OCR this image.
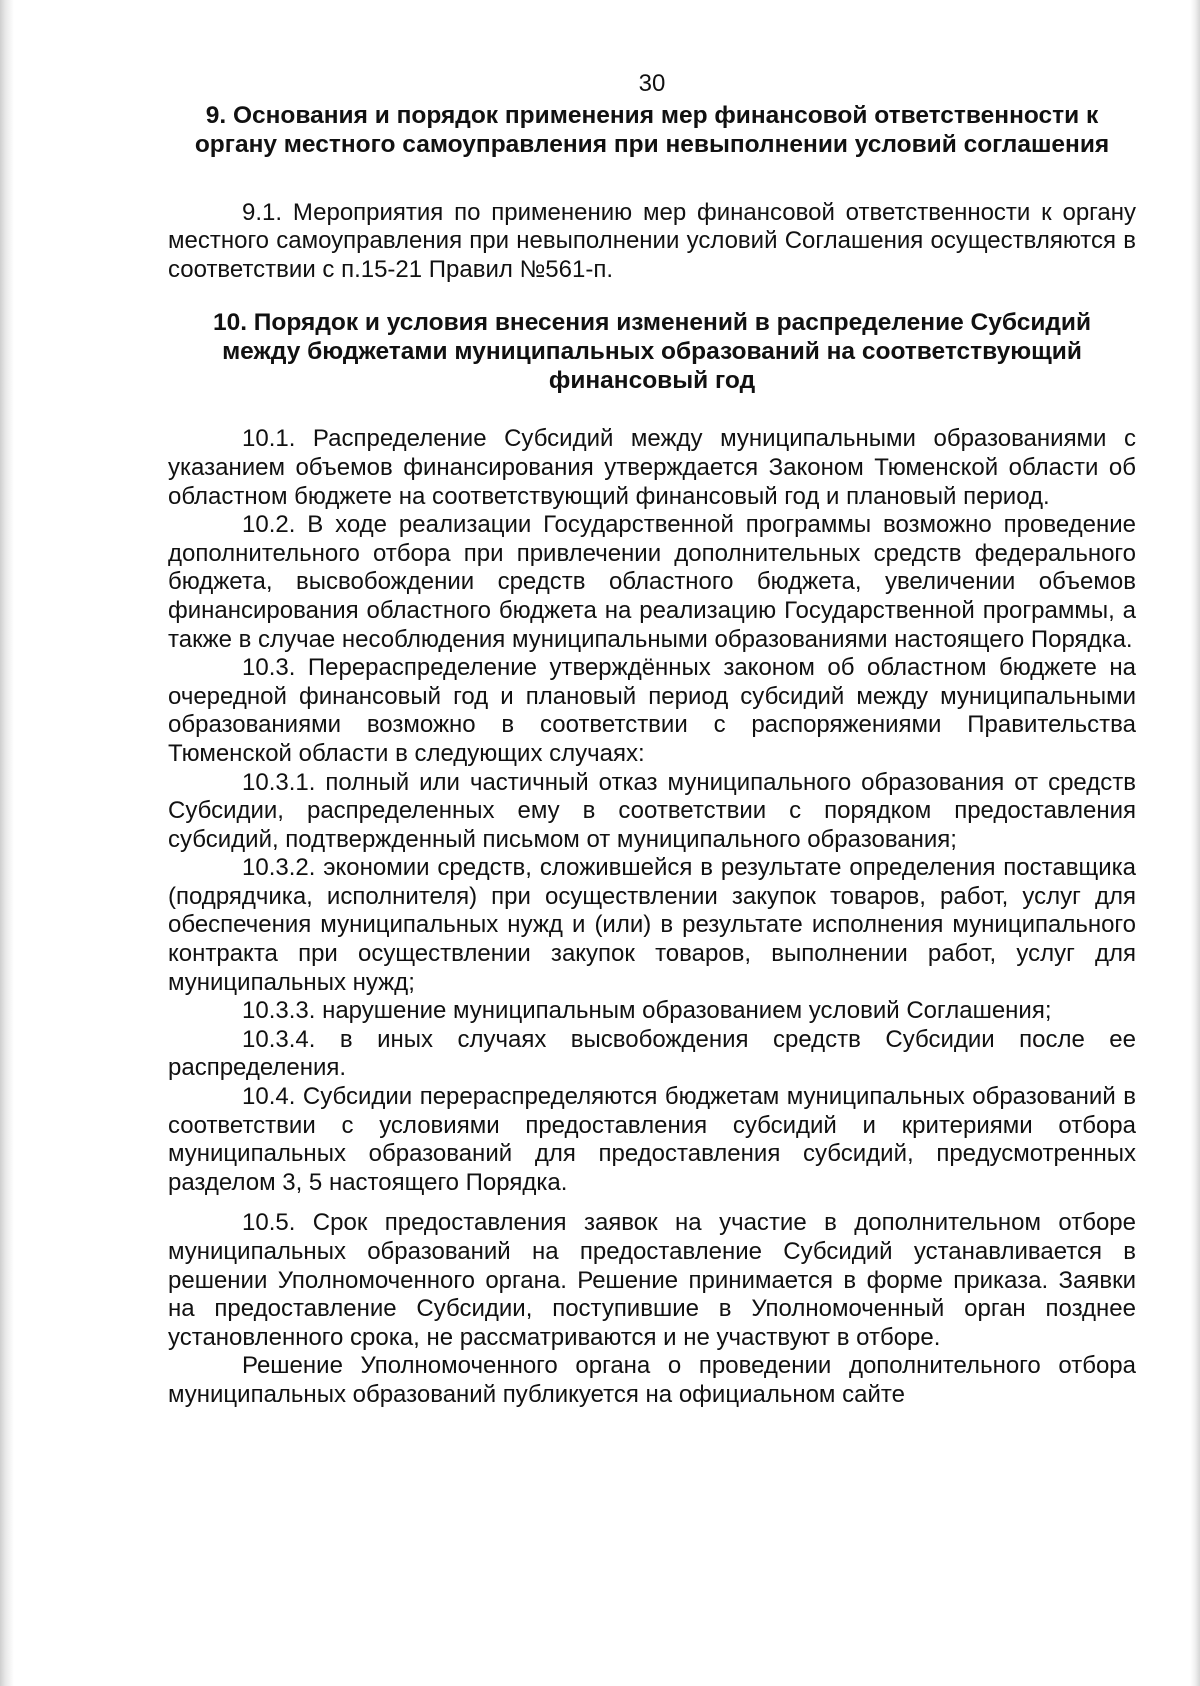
30
9. Основания и порядок применения мер финансовой ответственности к органу местного самоуправления при невыполнении условий соглашения

9.1. Мероприятия по применению мер финансовой ответственности к органу местного самоуправления при невыполнении условий Соглашения осуществляются в соответствии с п.15-21 Правил №561-п.

10. Порядок и условия внесения изменений в распределение Субсидий между бюджетами муниципальных образований на соответствующий финансовый год

10.1. Распределение Субсидий между муниципальными образованиями с указанием объемов финансирования утверждается Законом Тюменской области об областном бюджете на соответствующий финансовый год и плановый период.

10.2. В ходе реализации Государственной программы возможно проведение дополнительного отбора при привлечении дополнительных средств федерального бюджета, высвобождении средств областного бюджета, увеличении объемов финансирования областного бюджета на реализацию Государственной программы, а также в случае несоблюдения муниципальными образованиями настоящего Порядка.

10.3. Перераспределение утверждённых законом об областном бюджете на очередной финансовый год и плановый период субсидий между муниципальными образованиями возможно в соответствии с распоряжениями Правительства Тюменской области в следующих случаях:

10.3.1. полный или частичный отказ муниципального образования от средств Субсидии, распределенных ему в соответствии с порядком предоставления субсидий, подтвержденный письмом от муниципального образования;

10.3.2. экономии средств, сложившейся в результате определения поставщика (подрядчика, исполнителя) при осуществлении закупок товаров, работ, услуг для обеспечения муниципальных нужд и (или) в результате исполнения муниципального контракта при осуществлении закупок товаров, выполнении работ, услуг для муниципальных нужд;

10.3.3. нарушение муниципальным образованием условий Соглашения;

10.3.4. в иных случаях высвобождения средств Субсидии после ее распределения.

10.4. Субсидии перераспределяются бюджетам муниципальных образований в соответствии с условиями предоставления субсидий и критериями отбора муниципальных образований для предоставления субсидий, предусмотренных разделом 3, 5 настоящего Порядка.

10.5. Срок предоставления заявок на участие в дополнительном отборе муниципальных образований на предоставление Субсидий устанавливается в решении Уполномоченного органа. Решение принимается в форме приказа. Заявки на предоставление Субсидии, поступившие в Уполномоченный орган позднее установленного срока, не рассматриваются и не участвуют в отборе.

Решение Уполномоченного органа о проведении дополнительного отбора муниципальных образований публикуется на официальном сайте
